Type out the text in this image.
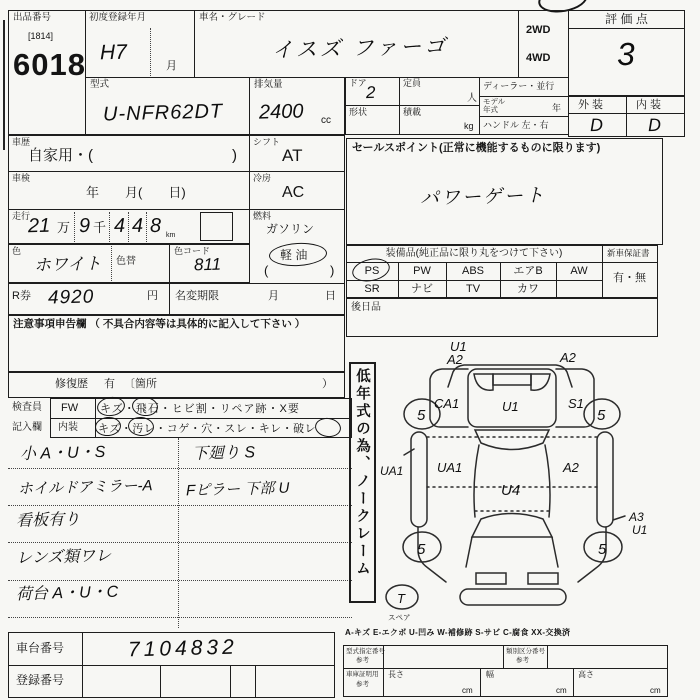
出品番号
[1814]
6018
初度登録年月
H7
月
車名・グレード
イスズ ファーゴ
2WD
4WD
評 価 点
3
型式
U-NFR62DT
排気量
2400 cc
ドア 2	定員
人
形状	積載
kg
ディーラー・並行
モデル
年式	年
ハンドル 左・右
外 装	内 装
D D
車歴
自家用・(	)
シフト
AT
車検
年　　月(　　日)
冷房
AC
走行
21 万 9 千 4 4 8 km
燃料
ガソリン
軽 油
(	)
色
ホワイト 色替
色コード
811
R券 4920	円 名変期限	月	日
注意事項申告欄 （ 不具合内容等は具体的に記入して下さい ）
修復歴 有 〔箇所	）
検査員
記入欄
FW
内装
キズ・飛石・ヒビ割・リペア跡・X要
キズ・汚レ・コゲ・穴・スレ・キレ・破レ
小 A・U・S
ホイルドアミラー-A
看板有り
レンズ類ワレ
荷台 A・U・C
下廻り S
Fピラー 下部 U
車台番号	7104832
登録番号
セールスポイント(正常に機能するものに限ります)
パワーゲート
装備品(純正品に限り丸をつけて下さい)	新車保証書
有・無
PS	PW	ABS	エアB	AW
SR	ナビ	TV	カワ
後日品
低年式の為、ノークレーム
U1
A2	A2
CA1	U1	S1
5	5
UA1	UA1
U4
A2
5	5
A3
U1
T
スペア
A-キズ E-エクボ U-凹み W-補修跡 S-サビ C-腐食 XX-交換済
型式指定番号
参考
類別区分番号
参考
車庫証明用
参考
長さ
cm
幅
cm
高さ
cm
